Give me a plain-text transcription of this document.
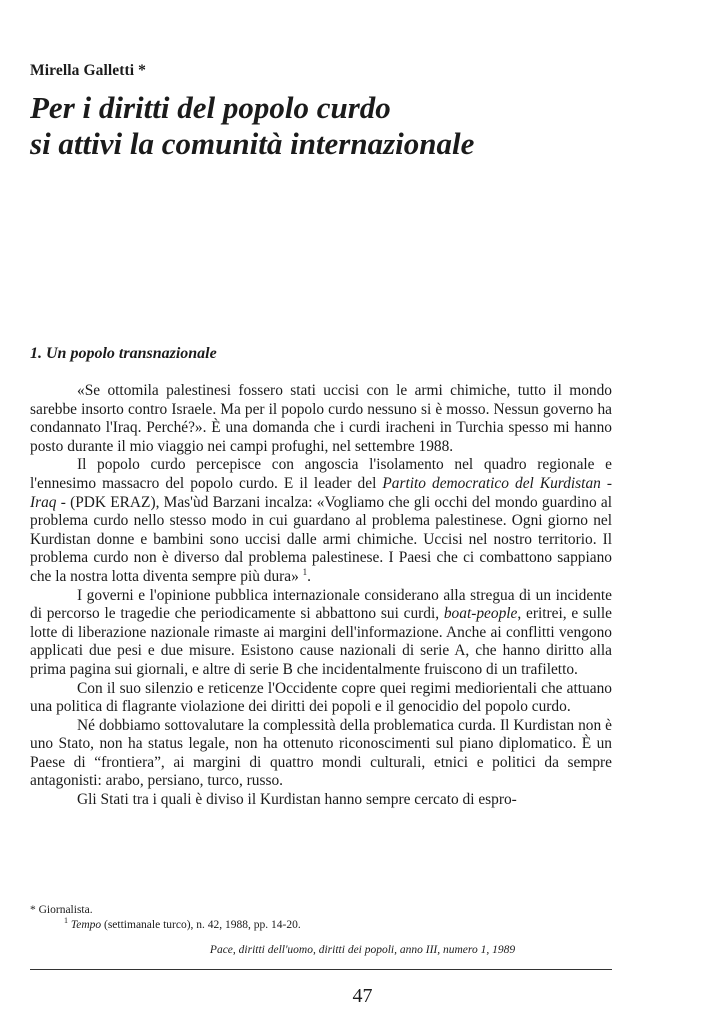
Mirella Galletti *
Per i diritti del popolo curdo
si attivi la comunità internazionale
1. Un popolo transnazionale

«Se ottomila palestinesi fossero stati uccisi con le armi chimiche, tutto il mondo sarebbe insorto contro Israele. Ma per il popolo curdo nessuno si è mosso. Nessun governo ha condannato l'Iraq. Perché?». È una domanda che i curdi iracheni in Turchia spesso mi hanno posto durante il mio viaggio nei campi profughi, nel settembre 1988.

Il popolo curdo percepisce con angoscia l'isolamento nel quadro regionale e l'ennesimo massacro del popolo curdo. E il leader del Partito democratico del Kurdistan - Iraq - (PDK ERAZ), Mas'ùd Barzani incalza: «Vogliamo che gli occhi del mondo guardino al problema curdo nello stesso modo in cui guardano al problema palestinese. Ogni giorno nel Kurdistan donne e bambini sono uccisi dalle armi chimiche. Uccisi nel nostro territorio. Il problema curdo non è diverso dal problema palestinese. I Paesi che ci combattono sappiano che la nostra lotta diventa sempre più dura» $^1$.

I governi e l'opinione pubblica internazionale considerano alla stregua di un incidente di percorso le tragedie che periodicamente si abbattono sui curdi, boat-people, eritrei, e sulle lotte di liberazione nazionale rimaste ai margini dell'informazione. Anche ai conflitti vengono applicati due pesi e due misure. Esistono cause nazionali di serie A, che hanno diritto alla prima pagina sui giornali, e altre di serie B che incidentalmente fruiscono di un trafiletto.

Con il suo silenzio e reticenze l'Occidente copre quei regimi mediorientali che attuano una politica di flagrante violazione dei diritti dei popoli e il genocidio del popolo curdo.

Né dobbiamo sottovalutare la complessità della problematica curda. Il Kurdistan non è uno Stato, non ha status legale, non ha ottenuto riconoscimenti sul piano diplomatico. È un Paese di “frontiera”, ai margini di quattro mondi culturali, etnici e politici da sempre antagonisti: arabo, persiano, turco, russo.

Gli Stati tra i quali è diviso il Kurdistan hanno sempre cercato di espro-

* Giornalista.
$^1$ Tempo (settimanale turco), n. 42, 1988, pp. 14-20.
Pace, diritti dell'uomo, diritti dei popoli, anno III, numero 1, 1989
47
